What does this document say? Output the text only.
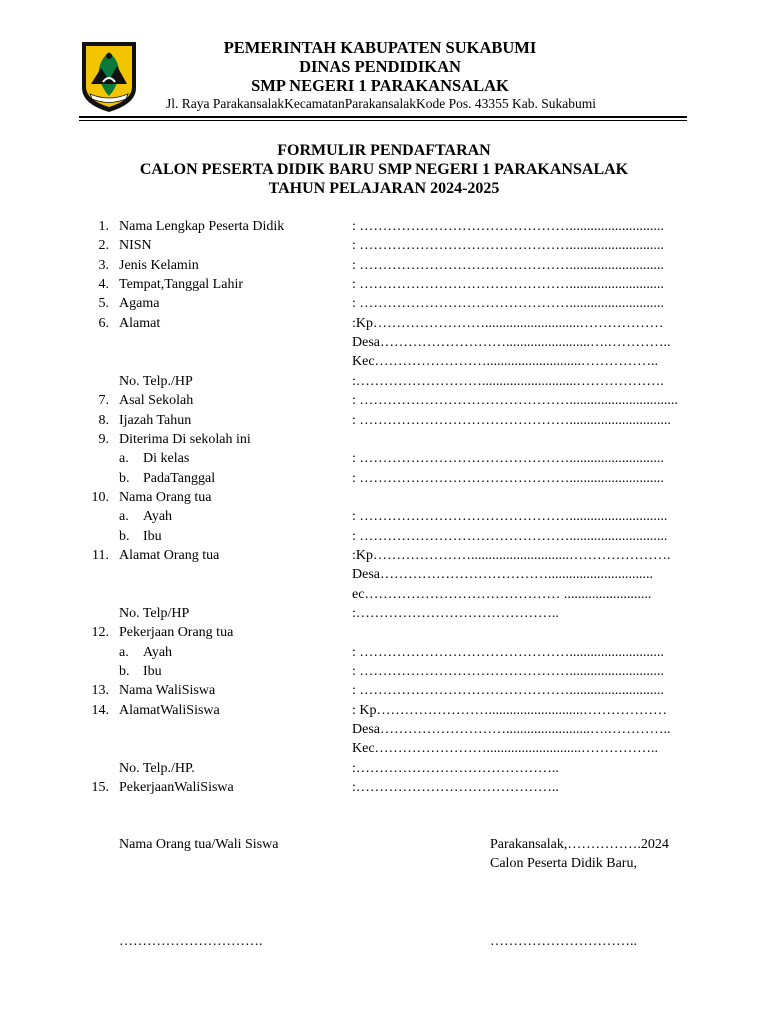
PEMERINTAH KABUPATEN SUKABUMI
DINAS PENDIDIKAN
SMP NEGERI 1 PARAKANSALAK
Jl. Raya ParakansalakKecamatanParakansalakKode Pos. 43355 Kab. Sukabumi
FORMULIR PENDAFTARAN
CALON PESERTA DIDIK BARU SMP NEGERI 1 PARAKANSALAK
TAHUN PELAJARAN 2024-2025
1. Nama Lengkap Peserta Didik	: ………………………………………...........................
2. NISN	: ………………………………………...........................
3. Jenis Kelamin	: ………………………………………...........................
4. Tempat,Tanggal Lahir	: ………………………………………...........................
5. Agama	: ………………………………………...........................
6. Alamat	:Kp……………………...........................………………
Desa………………………........................….…………..
Kec……………………...........................……………..
No. Telp./HP	:………………………...........................……………….
7. Asal Sekolah	: ………………………………………...............................
8. Ijazah Tahun	: ……………………………………….............................
9. Diterima Di sekolah ini
a. Di kelas	: ………………………………………...........................
b. PadaTanggal	: ………………………………………...........................
10. Nama Orang tua
a. Ayah	: ………………………………………............................
b. Ibu	: ………………………………………............................
11. Alamat Orang tua	:Kp…………………............................………………….
Desa………………………………..............................
ec…………………………………… .........................
No. Telp/HP	:……………………………………..
12. Pekerjaan Orang tua
a. Ayah	: ………………………………………...........................
b. Ibu	: ………………………………………...........................
13. Nama WaliSiswa	: ………………………………………...........................
14. AlamatWaliSiswa	: Kp……………………...........................………………
Desa………………………........................….…………..
Kec……………………...........................……………..
No. Telp./HP.	:……………………………………..
15. PekerjaanWaliSiswa	:……………………………………..
Nama Orang tua/Wali Siswa	Parakansalak,…………….2024
Calon Peserta Didik Baru,
………………………….	…………………………..
